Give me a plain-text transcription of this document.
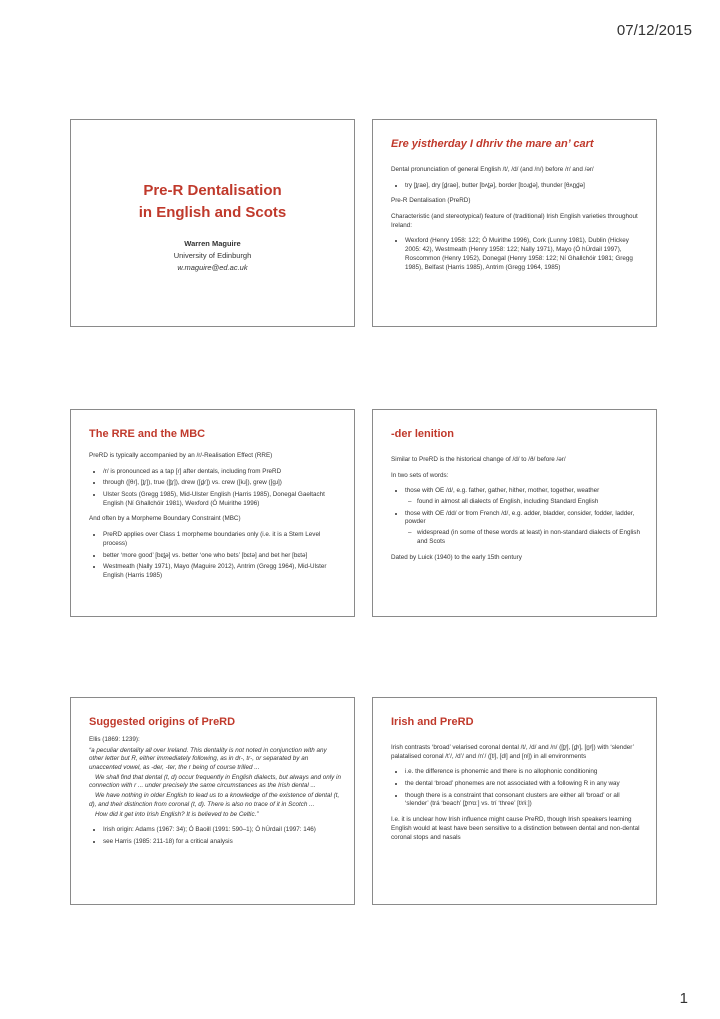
07/12/2015
Pre-R Dentalisation
in English and Scots
Warren Maguire
University of Edinburgh
w.maguire@ed.ac.uk
Ere yistherday I dhriv the mare an’ cart

Dental pronunciation of general English /t/, /d/ (and /n/) before /r/ and /ər/

• try [t̪ɾae], dry [d̪ɾae], butter [bʌt̪ə], border [bɔɹd̪ə], thunder [θʌn̪d̪ə]

Pre-R Dentalisation (PreRD)

Characteristic (and stereotypical) feature of (traditional) Irish English varieties throughout Ireland:

• Wexford (Henry 1958: 122; Ó Muirithe 1996), Cork (Lunny 1981), Dublin (Hickey 2005: 42), Westmeath (Henry 1958: 122; Nally 1971), Mayo (Ó hÚrdail 1997), Roscommon (Henry 1952), Donegal (Henry 1958: 122; Ní Ghallchóir 1981; Gregg 1985), Belfast (Harris 1985), Antrim (Gregg 1964, 1985)
The RRE and the MBC

PreRD is typically accompanied by an /r/-Realisation Effect (RRE)

• /r/ is pronounced as a tap [ɾ] after dentals, including from PreRD
• through ([θɾ], [t̪ɾ]), true ([t̪ɾ]), drew ([d̪ɾ]) vs. crew ([kɹ]), grew ([gɹ])
• Ulster Scots (Gregg 1985), Mid-Ulster English (Harris 1985), Donegal Gaeltacht English (Ní Ghallchóir 1981), Wexford (Ó Muirithe 1996)

And often by a Morpheme Boundary Constraint (MBC)

• PreRD applies over Class 1 morpheme boundaries only (i.e. it is a Stem Level process)
• better ‘more good’ [bɛt̪ə] vs. better ‘one who bets’ [bɛtə] and bet her [bɛtə]
• Westmeath (Nally 1971), Mayo (Maguire 2012), Antrim (Gregg 1964), Mid-Ulster English (Harris 1985)
-der lenition

Similar to PreRD is the historical change of /d/ to /ð/ before /ər/

In two sets of words:

• those with OE /d/, e.g. father, gather, hither, mother, together, weather
– found in almost all dialects of English, including Standard English
• those with OE /dd/ or from French /d/, e.g. adder, bladder, consider, fodder, ladder, powder
– widespread (in some of these words at least) in non-standard dialects of English and Scots

Dated by Luick (1940) to the early 15th century

Suggested origins of PreRD

Ellis (1869: 1239):

“a peculiar dentality all over Ireland. This dentality is not noted in conjunction with any other letter but R, either immediately following, as in dr-, tr-, or separated by an unaccented vowel, as -der, -ter, the r being of course trilled ...

We shall find that dental (t, d) occur frequently in English dialects, but always and only in connection with r ... under precisely the same circumstances as the Irish dental ...

We have nothing in older English to lead us to a knowledge of the existence of dental (t, d), and their distinction from coronal (t, d). There is also no trace of it in Scotch ...

How did it get into Irish English? It is believed to be Celtic.”

• Irish origin: Adams (1967: 34); Ó Baoill (1991: 590–1); Ó hÚrdail (1997: 146)
• see Harris (1985: 211-18) for a critical analysis
Irish and PreRD

Irish contrasts ‘broad’ velarised coronal dental /t/, /d/ and /n/ ([t̪ˠ], [d̪ˠ], [n̪ˠ]) with ‘slender’ palatalised coronal /t’/, /d’/ and /n’/ ([tʲ], [dʲ] and [nʲ]) in all environments

• i.e. the difference is phonemic and there is no allophonic conditioning
• the dental ‘broad’ phonemes are not associated with a following R in any way
• though there is a constraint that consonant clusters are either all ‘broad’ or all ‘slender’ (trá ‘beach’ [t̪ˠɾˠɑː] vs. trí ‘three’ [tʲɾʲiː])

I.e. it is unclear how Irish influence might cause PreRD, though Irish speakers learning English would at least have been sensitive to a distinction between dental and non-dental coronal stops and nasals

1
